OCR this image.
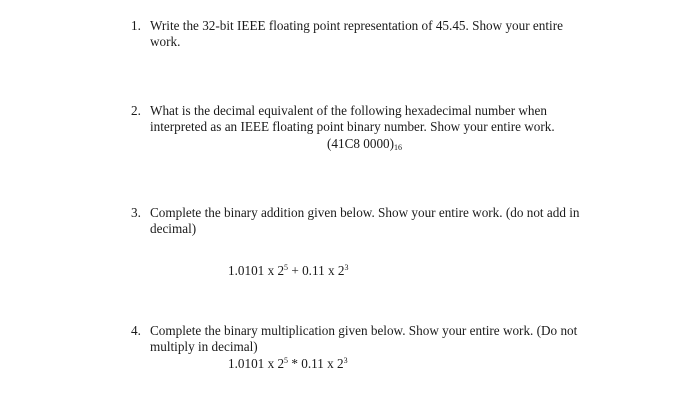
1. Write the 32-bit IEEE floating point representation of 45.45. Show your entire
work.
2. What is the decimal equivalent of the following hexadecimal number when
interpreted as an IEEE floating point binary number. Show your entire work.
(41C8 $0000)_{16}$
3. Complete the binary addition given below. Show your entire work. (do not add in
decimal)
1.0101 x $2^5 + 0.11$ x $2^3$
4. Complete the binary multiplication given below. Show your entire work. (Do not
multiply in decimal)
1.0101 x $2^5 * 0.11$ x $2^3$
